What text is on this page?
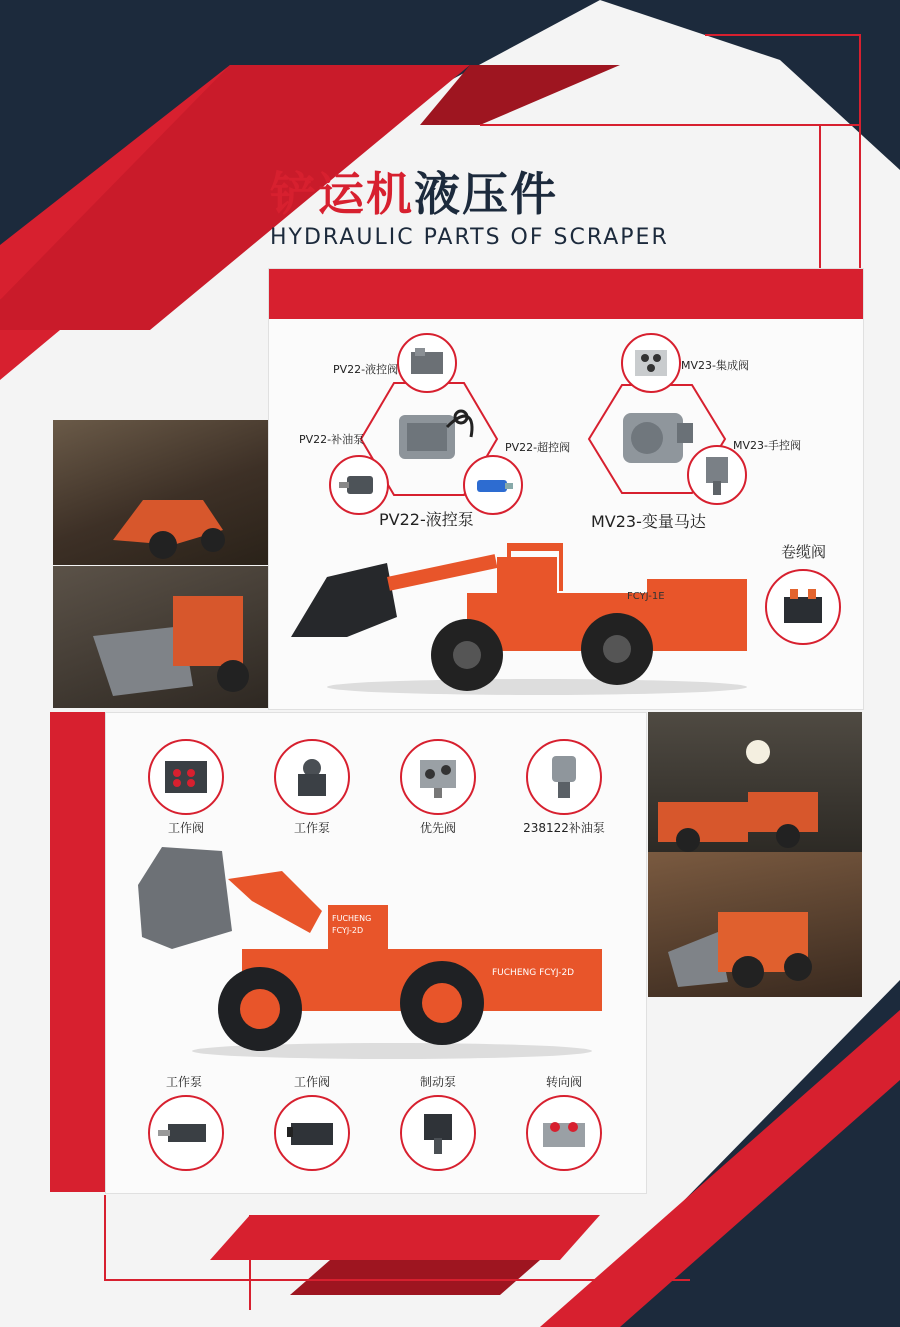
铲运机液压件
HYDRAULIC PARTS OF SCRAPER
PV22-液控阀
PV22-补油泵
PV22-超控阀
PV22-液控泵
MV23-集成阀
MV23-手控阀
MV23-变量马达
卷缆阀
FCYJ-1E
工作阀	工作泵	优先阀	238122补油泵
FUCHENG
FCYJ-2D
FUCHENG FCYJ-2D
工作泵	工作阀	制动泵	转向阀
